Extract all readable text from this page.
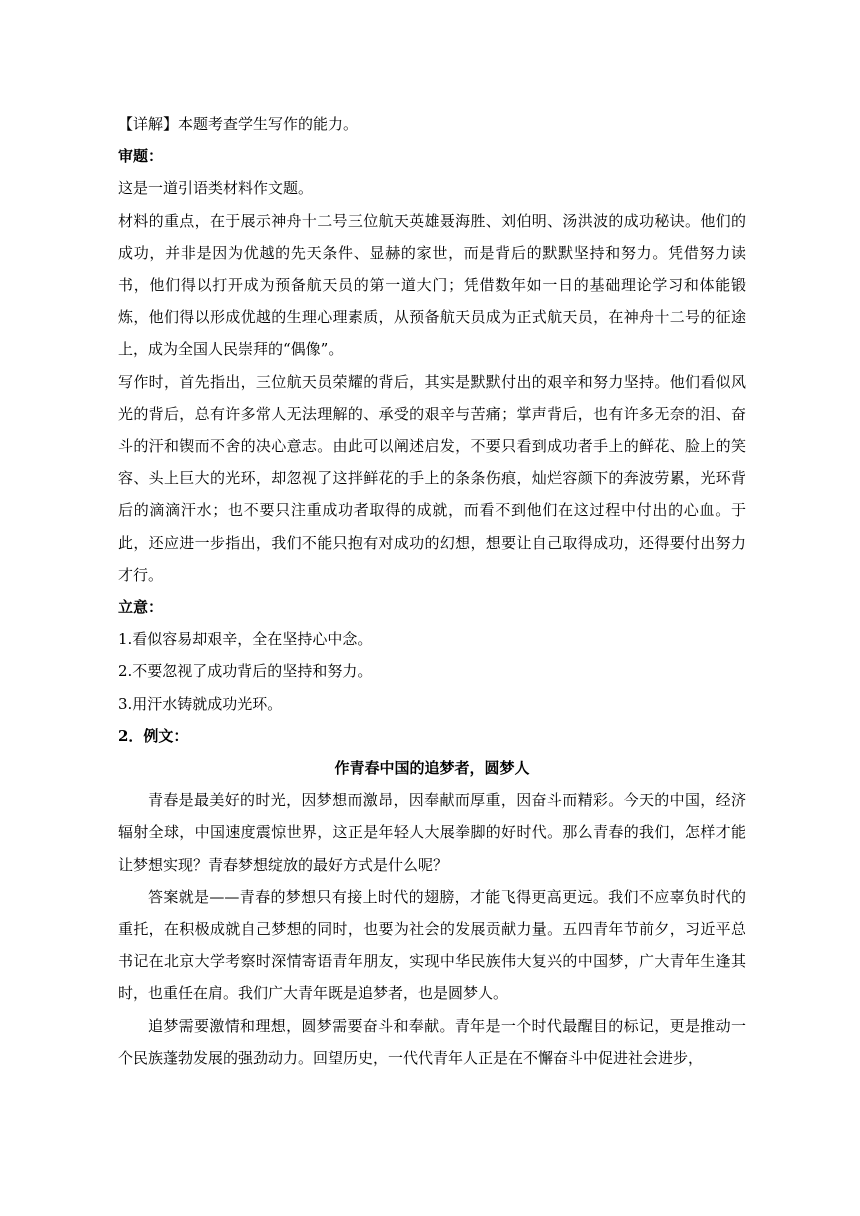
【详解】本题考查学生写作的能力。

审题：

这是一道引语类材料作文题。

材料的重点，在于展示神舟十二号三位航天英雄聂海胜、刘伯明、汤洪波的成功秘诀。他们的成功，并非是因为优越的先天条件、显赫的家世，而是背后的默默坚持和努力。凭借努力读书，他们得以打开成为预备航天员的第一道大门；凭借数年如一日的基础理论学习和体能锻炼，他们得以形成优越的生理心理素质，从预备航天员成为正式航天员，在神舟十二号的征途上，成为全国人民崇拜的“偶像”。

写作时，首先指出，三位航天员荣耀的背后，其实是默默付出的艰辛和努力坚持。他们看似风光的背后，总有许多常人无法理解的、承受的艰辛与苦痛；掌声背后，也有许多无奈的泪、奋斗的汗和锲而不舍的决心意志。由此可以阐述启发，不要只看到成功者手上的鲜花、脸上的笑容、头上巨大的光环，却忽视了这拌鲜花的手上的条条伤痕，灿烂容颜下的奔波劳累，光环背后的滴滴汗水；也不要只注重成功者取得的成就，而看不到他们在这过程中付出的心血。于此，还应进一步指出，我们不能只抱有对成功的幻想，想要让自己取得成功，还得要付出努力才行。

立意：

1.看似容易却艰辛，全在坚持心中念。

2.不要忽视了成功背后的坚持和努力。

3.用汗水铸就成功光环。

2．例文：

作青春中国的追梦者，圆梦人

青春是最美好的时光，因梦想而激昂，因奉献而厚重，因奋斗而精彩。今天的中国，经济辐射全球，中国速度震惊世界，这正是年轻人大展拳脚的好时代。那么青春的我们，怎样才能让梦想实现？青春梦想绽放的最好方式是什么呢？

答案就是——青春的梦想只有接上时代的翅膀，才能飞得更高更远。我们不应辜负时代的重托，在积极成就自己梦想的同时，也要为社会的发展贡献力量。五四青年节前夕，习近平总书记在北京大学考察时深情寄语青年朋友，实现中华民族伟大复兴的中国梦，广大青年生逢其时，也重任在肩。我们广大青年既是追梦者，也是圆梦人。

追梦需要激情和理想，圆梦需要奋斗和奉献。青年是一个时代最醒目的标记，更是推动一个民族蓬勃发展的强劲动力。回望历史，一代代青年人正是在不懈奋斗中促进社会进步，
